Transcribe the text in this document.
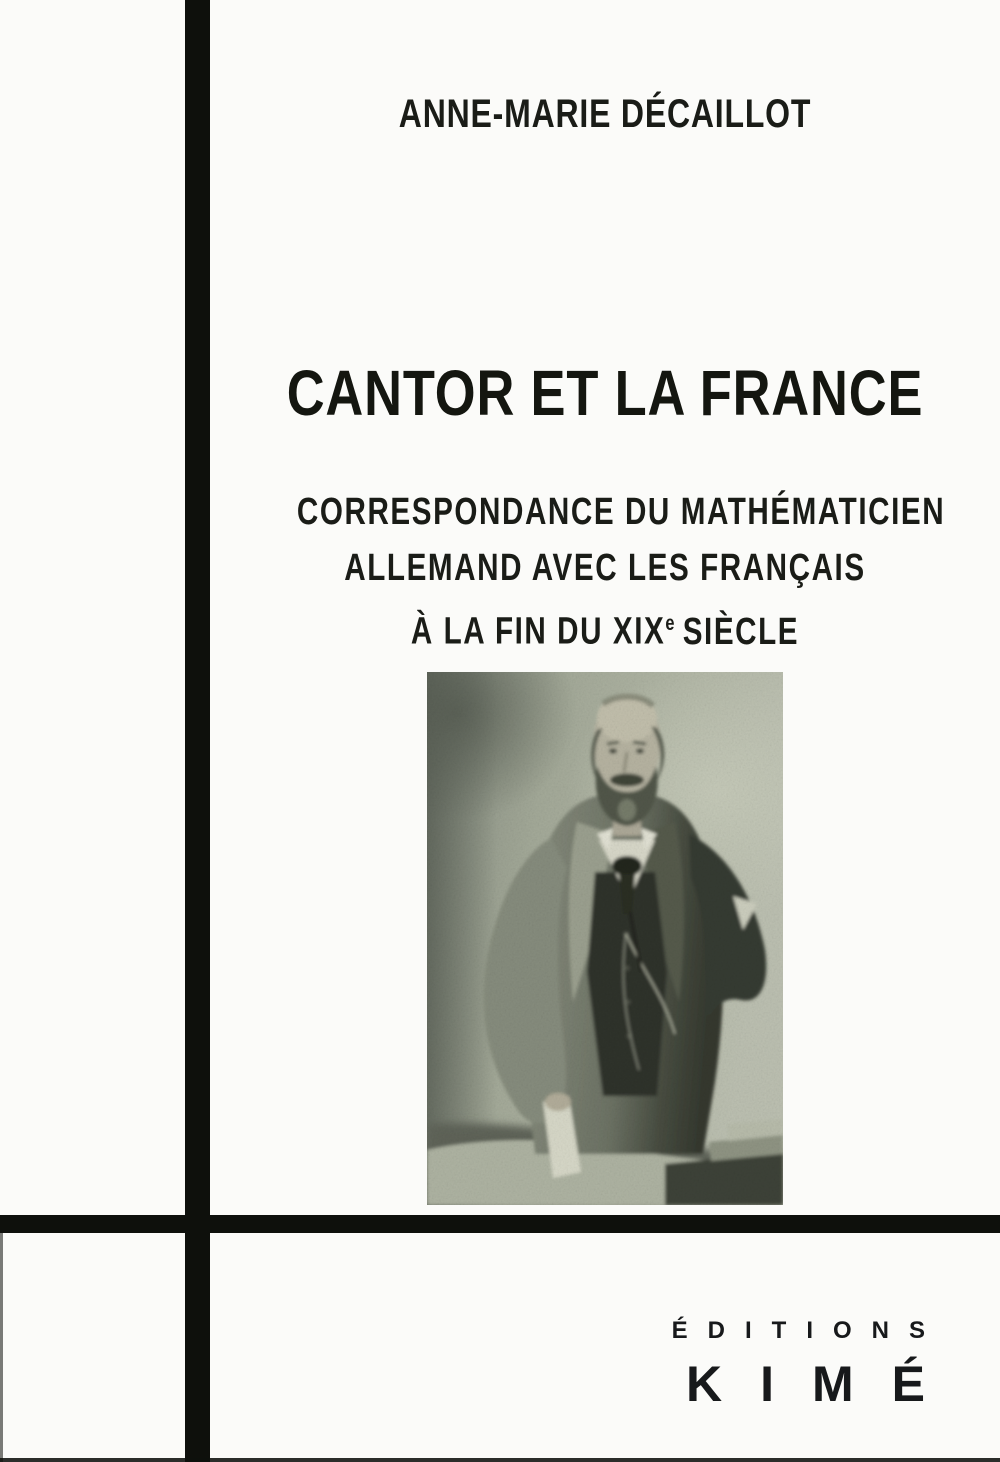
ANNE-MARIE DÉCAILLOT
CANTOR ET LA FRANCE
CORRESPONDANCE DU MATHÉMATICIEN
ALLEMAND AVEC LES FRANÇAIS
À LA FIN DU XIXe SIÈCLE
ÉDITIONS
KIMÉ
